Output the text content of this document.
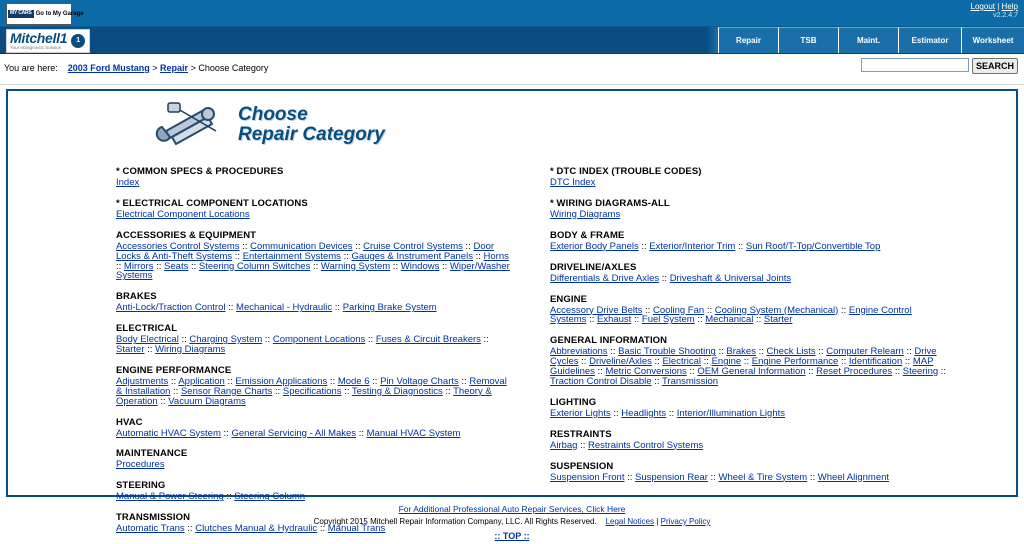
MY CARS Go to My Garage
Logout | Help
v2.2.4.7
Mitchell1
Your eDiagnostic Solution
1	Repair	TSB	Maint.	Estimator	Worksheet
You are here: 2003 Ford Mustang > Repair > Choose Category	SEARCH
Choose
Repair Category
* COMMON SPECS & PROCEDURES
Index
* ELECTRICAL COMPONENT LOCATIONS
Electrical Component Locations
ACCESSORIES & EQUIPMENT
Accessories Control Systems :: Communication Devices :: Cruise Control Systems :: Door Locks & Anti-Theft Systems :: Entertainment Systems :: Gauges & Instrument Panels :: Horns :: Mirrors :: Seats :: Steering Column Switches :: Warning System :: Windows :: Wiper/Washer Systems
BRAKES
Anti-Lock/Traction Control :: Mechanical - Hydraulic :: Parking Brake System
ELECTRICAL
Body Electrical :: Charging System :: Component Locations :: Fuses & Circuit Breakers :: Starter :: Wiring Diagrams
ENGINE PERFORMANCE
Adjustments :: Application :: Emission Applications :: Mode 6 :: Pin Voltage Charts :: Removal & Installation :: Sensor Range Charts :: Specifications :: Testing & Diagnostics :: Theory & Operation :: Vacuum Diagrams
HVAC
Automatic HVAC System :: General Servicing - All Makes :: Manual HVAC System
MAINTENANCE
Procedures
STEERING
Manual & Power Steering :: Steering Column
TRANSMISSION
Automatic Trans :: Clutches Manual & Hydraulic :: Manual Trans
* DTC INDEX (TROUBLE CODES)
DTC Index
* WIRING DIAGRAMS-ALL
Wiring Diagrams
BODY & FRAME
Exterior Body Panels :: Exterior/Interior Trim :: Sun Roof/T-Top/Convertible Top
DRIVELINE/AXLES
Differentials & Drive Axles :: Driveshaft & Universal Joints
ENGINE
Accessory Drive Belts :: Cooling Fan :: Cooling System (Mechanical) :: Engine Control Systems :: Exhaust :: Fuel System :: Mechanical :: Starter
GENERAL INFORMATION
Abbreviations :: Basic Trouble Shooting :: Brakes :: Check Lists :: Computer Relearn :: Drive Cycles :: Driveline/Axles :: Electrical :: Engine :: Engine Performance :: Identification :: MAP Guidelines :: Metric Conversions :: OEM General Information :: Reset Procedures :: Steering :: Traction Control Disable :: Transmission
LIGHTING
Exterior Lights :: Headlights :: Interior/Illumination Lights
RESTRAINTS
Airbag :: Restraints Control Systems
SUSPENSION
Suspension Front :: Suspension Rear :: Wheel & Tire System :: Wheel Alignment
For Additional Professional Auto Repair Services, Click Here
Copyright 2015 Mitchell Repair Information Company, LLC. All Rights Reserved. Legal Notices | Privacy Policy
:: TOP ::
